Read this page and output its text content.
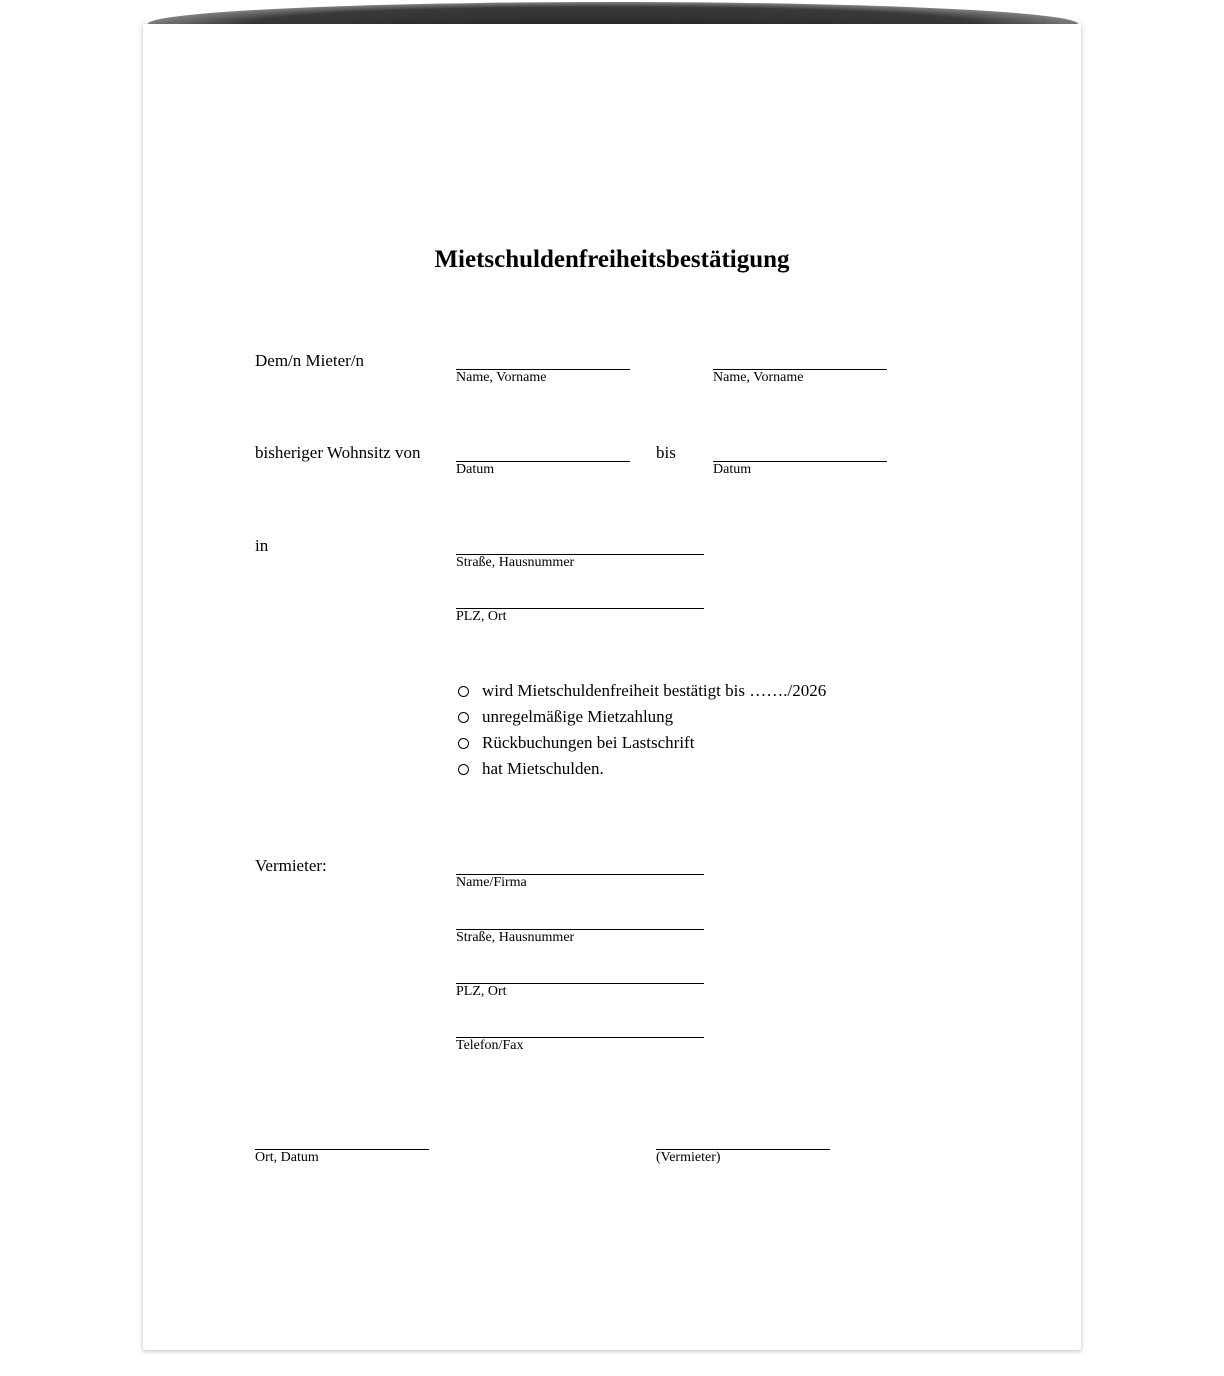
Mietschuldenfreiheitsbestätigung
Dem/n Mieter/n
Name, Vorname	Name, Vorname
bisheriger Wohnsitz von
Datum
bis
Datum
in
Straße, Hausnummer
PLZ, Ort
wird Mietschuldenfreiheit bestätigt bis ……./2026
unregelmäßige Mietzahlung
Rückbuchungen bei Lastschrift
hat Mietschulden.
Vermieter:
Name/Firma
Straße, Hausnummer
PLZ, Ort
Telefon/Fax
Ort, Datum	(Vermieter)
